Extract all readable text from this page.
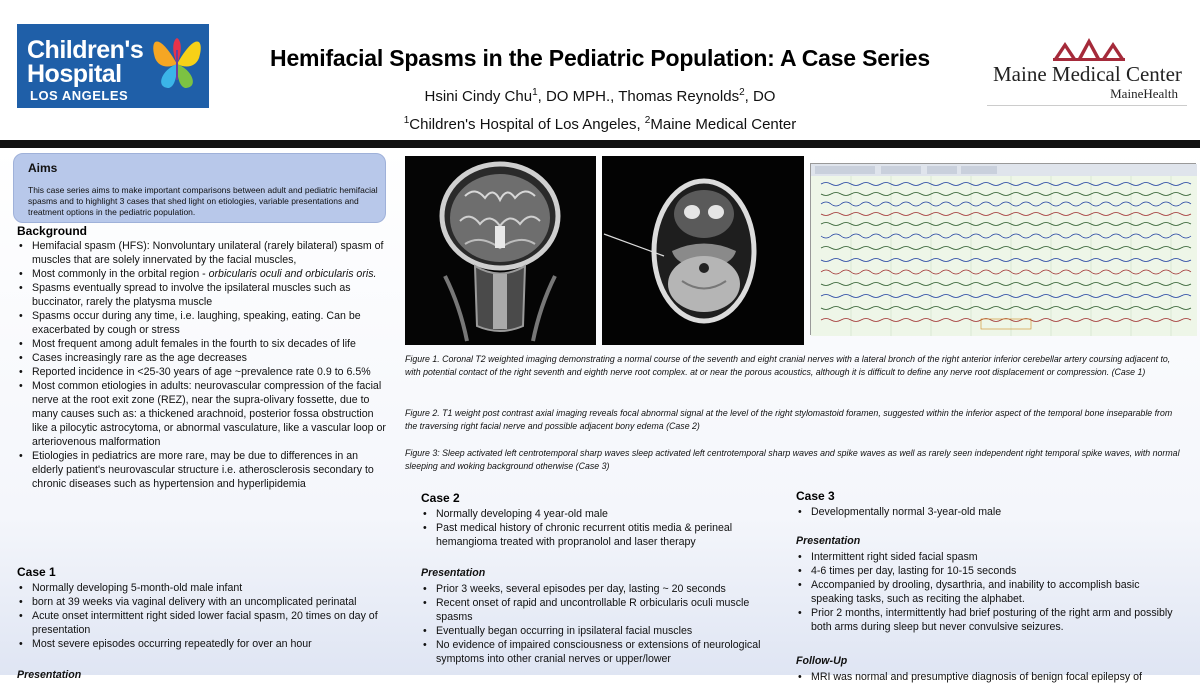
Children's
Hospital
LOS ANGELES
Hemifacial Spasms in the Pediatric Population: A Case Series
Hsini Cindy Chu$^1$, DO MPH., Thomas Reynolds$^2$, DO
$^1$Children's Hospital of Los Angeles, $^2$Maine Medical Center
Maine Medical Center
MaineHealth
Aims

This case series aims to make important comparisons between adult and pediatric hemifacial spasms and to highlight 3 cases that shed light on etiologies, variable presentations and treatment options in the pediatric population.

Background
• Hemifacial spasm (HFS): Nonvoluntary unilateral (rarely bilateral) spasm of muscles that are solely innervated by the facial muscles,
• Most commonly in the orbital region - orbicularis oculi and orbicularis oris.
• Spasms eventually spread to involve the ipsilateral muscles such as buccinator, rarely the platysma muscle
• Spasms occur during any time, i.e. laughing, speaking, eating. Can be exacerbated by cough or stress
• Most frequent among adult females in the fourth to six decades of life
• Cases increasingly rare as the age decreases
• Reported incidence in <25-30 years of age ~prevalence rate 0.9 to 6.5%
• Most common etiologies in adults: neurovascular compression of the facial nerve at the root exit zone (REZ), near the supra-olivary fossette, due to many causes such as: a thickened arachnoid, posterior fossa obstruction like a pilocytic astrocytoma, or abnormal vasculature, like a vascular loop or arteriovenous malformation
• Etiologies in pediatrics are more rare, may be due to differences in an elderly patient's neurovascular structure i.e. atherosclerosis secondary to chronic diseases such as hypertension and hyperlipidemia
Case 1
• Normally developing 5-month-old male infant
• born at 39 weeks via vaginal delivery with an uncomplicated perinatal
• Acute onset intermittent right sided lower facial spasm, 20 times on day of presentation
• Most severe episodes occurring repeatedly for over an hour
Presentation
Figure 1. Coronal T2 weighted imaging demonstrating a normal course of the seventh and eight cranial nerves with a lateral bronch of the right anterior inferior cerebellar artery coursing adjacent to, with potential contact of the right seventh and eighth nerve root complex. at or near the porous acoustics, although it is difficult to define any nerve root displacement or compression. (Case 1)
Figure 2. T1 weight post contrast axial imaging reveals focal abnormal signal at the level of the right stylomastoid foramen, suggested within the inferior aspect of the temporal bone inseparable from the traversing right facial nerve and possible adjacent bony edema (Case 2)
Figure 3: Sleep activated left centrotemporal sharp waves sleep activated left centrotemporal sharp waves and spike waves as well as rarely seen independent right temporal spike waves, with normal sleeping and woking background otherwise (Case 3)
Case 2
• Normally developing 4 year-old male
• Past medical history of chronic recurrent otitis media & perineal hemangioma treated with propranolol and laser therapy
Presentation
• Prior 3 weeks, several episodes per day, lasting ~ 20 seconds
• Recent onset of rapid and uncontrollable R orbicularis oculi muscle spasms
• Eventually began occurring in ipsilateral facial muscles
• No evidence of impaired consciousness or extensions of neurological symptoms into other cranial nerves or upper/lower
Case 3
• Developmentally normal 3-year-old male
Presentation
• Intermittent right sided facial spasm
• 4-6 times per day, lasting for 10-15 seconds
• Accompanied by drooling, dysarthria, and inability to accomplish basic speaking tasks, such as reciting the alphabet.
• Prior 2 months, intermittently had brief posturing of the right arm and possibly both arms during sleep but never convulsive seizures.
Follow-Up
• MRI was normal and presumptive diagnosis of benign focal epilepsy of
